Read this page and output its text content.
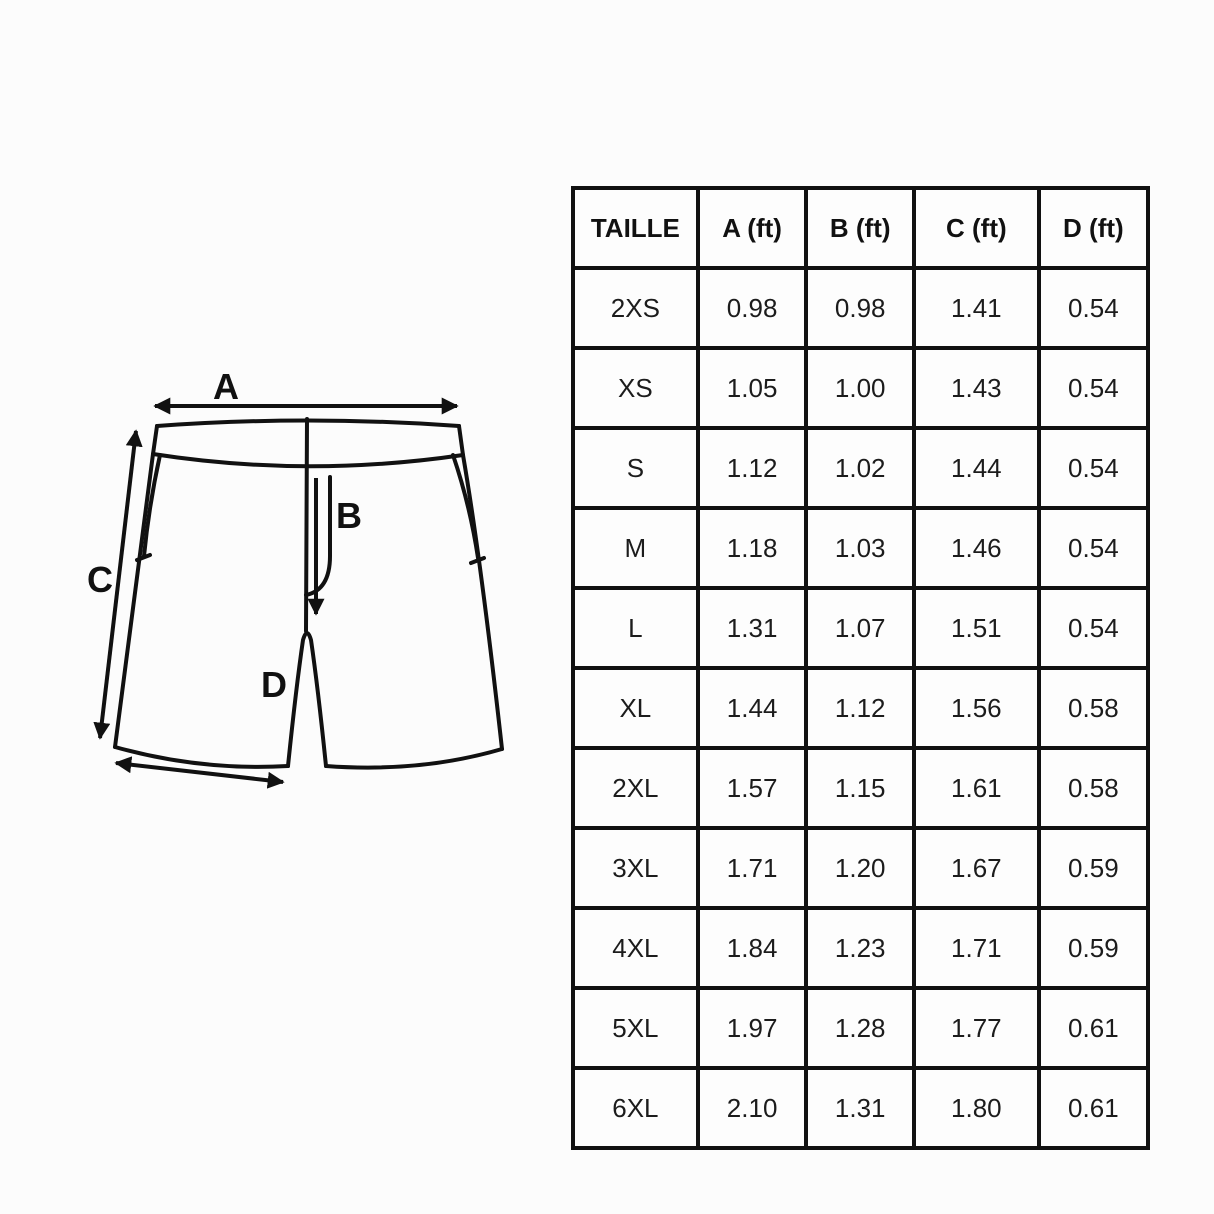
A
B
C
D
TAILLE	A (ft)	B (ft)	C (ft)	D (ft)
2XS	0.98	0.98	1.41	0.54
XS	1.05	1.00	1.43	0.54
S	1.12	1.02	1.44	0.54
M	1.18	1.03	1.46	0.54
L	1.31	1.07	1.51	0.54
XL	1.44	1.12	1.56	0.58
2XL	1.57	1.15	1.61	0.58
3XL	1.71	1.20	1.67	0.59
4XL	1.84	1.23	1.71	0.59
5XL	1.97	1.28	1.77	0.61
6XL	2.10	1.31	1.80	0.61
